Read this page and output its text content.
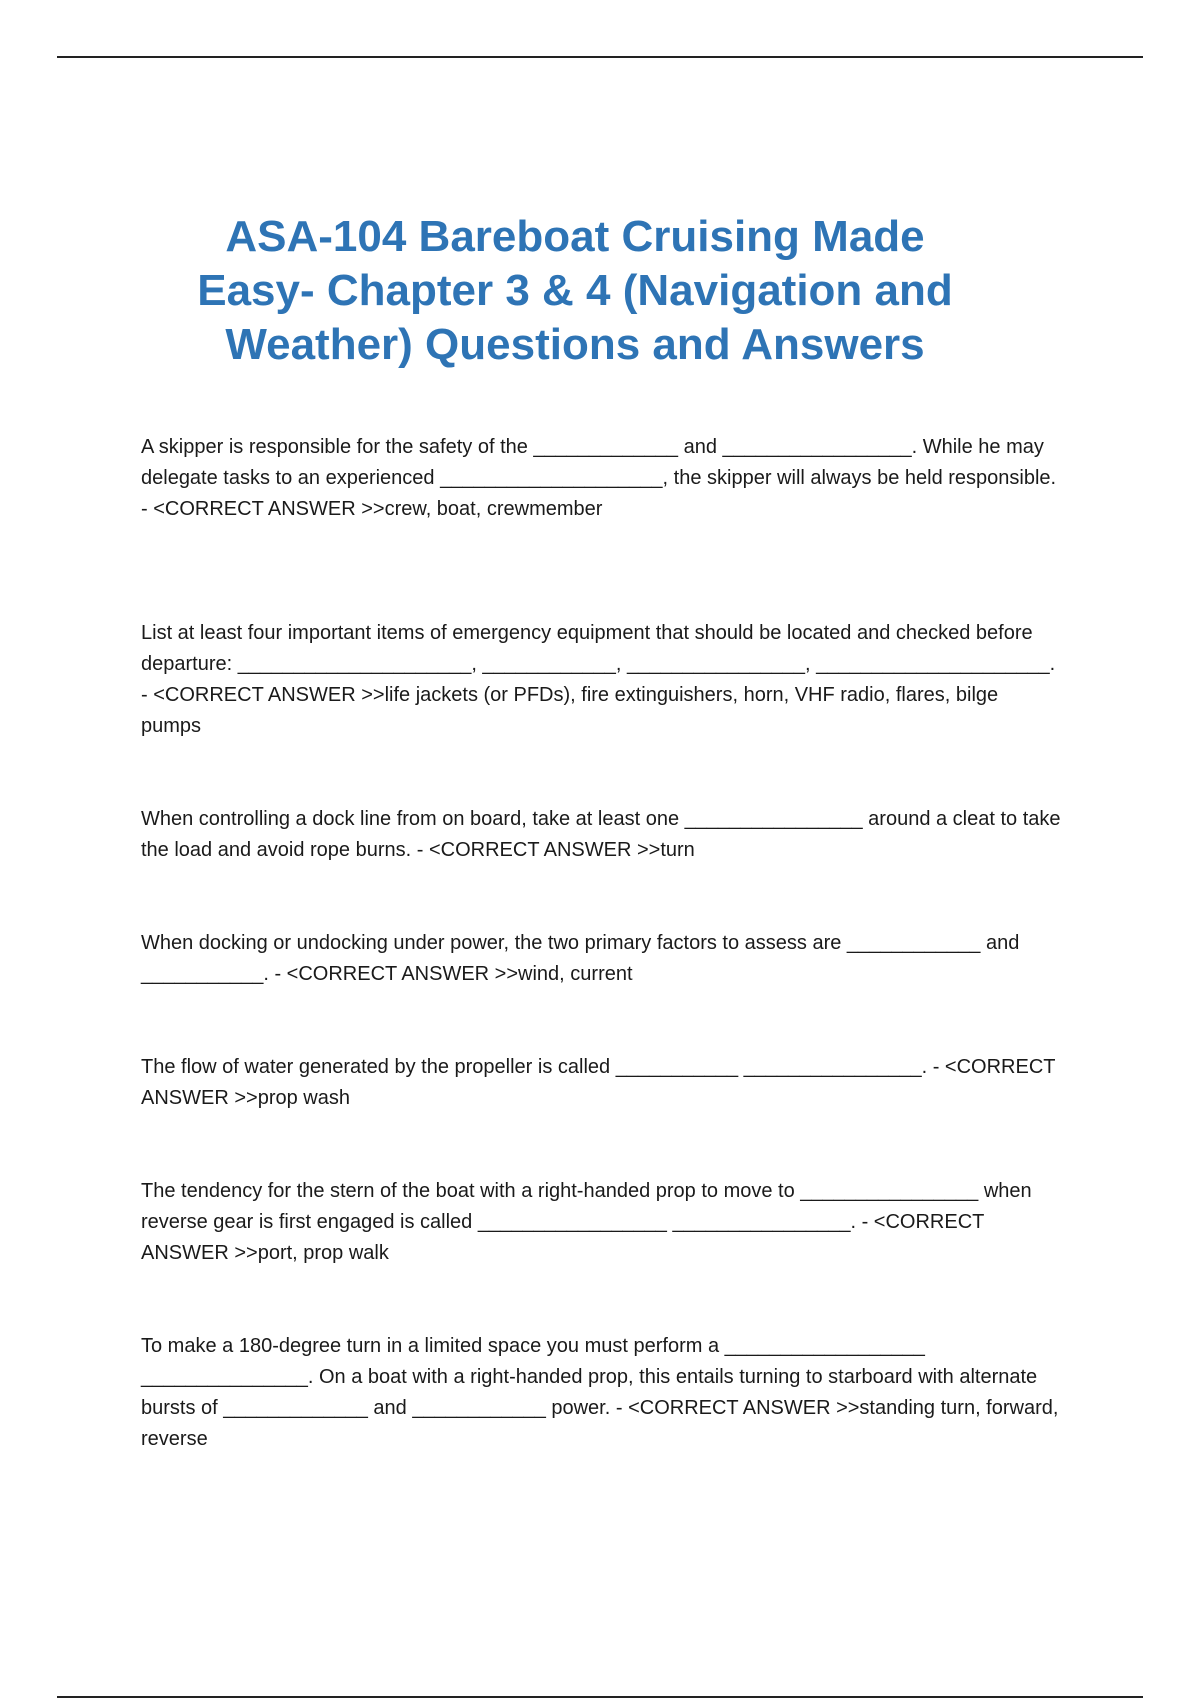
ASA-104 Bareboat Cruising Made
Easy- Chapter 3 & 4 (Navigation and
Weather) Questions and Answers

A skipper is responsible for the safety of the _____________ and _________________. While he may delegate tasks to an experienced ____________________, the skipper will always be held responsible. - <CORRECT ANSWER >>crew, boat, crewmember

List at least four important items of emergency equipment that should be located and checked before departure: _____________________, ____________, ________________, _____________________. - <CORRECT ANSWER >>life jackets (or PFDs), fire extinguishers, horn, VHF radio, flares, bilge pumps

When controlling a dock line from on board, take at least one ________________ around a cleat to take the load and avoid rope burns. - <CORRECT ANSWER >>turn

When docking or undocking under power, the two primary factors to assess are ____________ and ___________. - <CORRECT ANSWER >>wind, current

The flow of water generated by the propeller is called ___________ ________________. - <CORRECT ANSWER >>prop wash

The tendency for the stern of the boat with a right-handed prop to move to ________________ when reverse gear is first engaged is called _________________ ________________. - <CORRECT ANSWER >>port, prop walk

To make a 180-degree turn in a limited space you must perform a __________________ _______________. On a boat with a right-handed prop, this entails turning to starboard with alternate bursts of _____________ and ____________ power. - <CORRECT ANSWER >>standing turn, forward, reverse
